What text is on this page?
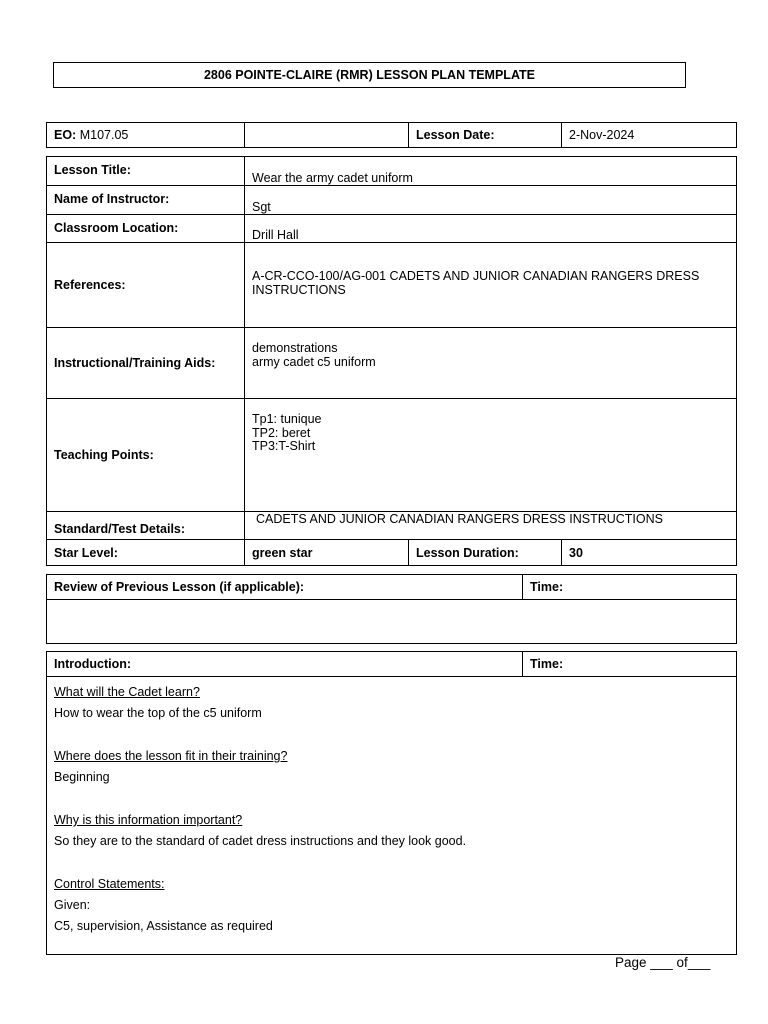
2806 POINTE-CLAIRE (RMR) LESSON PLAN TEMPLATE
EO: M107.05		Lesson Date:	2-Nov-2024
Lesson Title:	Wear the army cadet uniform		
Name of Instructor:	Sgt		
Classroom Location:	Drill Hall		
References:	A-CR-CCO-100/AG-001 CADETS AND JUNIOR CANADIAN RANGERS DRESS INSTRUCTIONS		
Instructional/Training Aids:	demonstrations
army cadet c5 uniform		

Teaching Points:	Tp1: tunique
TP2: beret
TP3:T-Shirt		

Standard/Test Details:	CADETS AND JUNIOR CANADIAN RANGERS DRESS INSTRUCTIONS		
Star Level:	green star	Lesson Duration:	30
Review of Previous Lesson (if applicable):	Time:

Introduction:	Time:

What will the Cadet learn?
How to wear the top of the c5 uniform
Where does the lesson fit in their training?
Beginning
Why is this information important?
So they are to the standard of cadet dress instructions and they look good.
Control Statements:
Given:
C5, supervision, Assistance as required
Page ___ of___
